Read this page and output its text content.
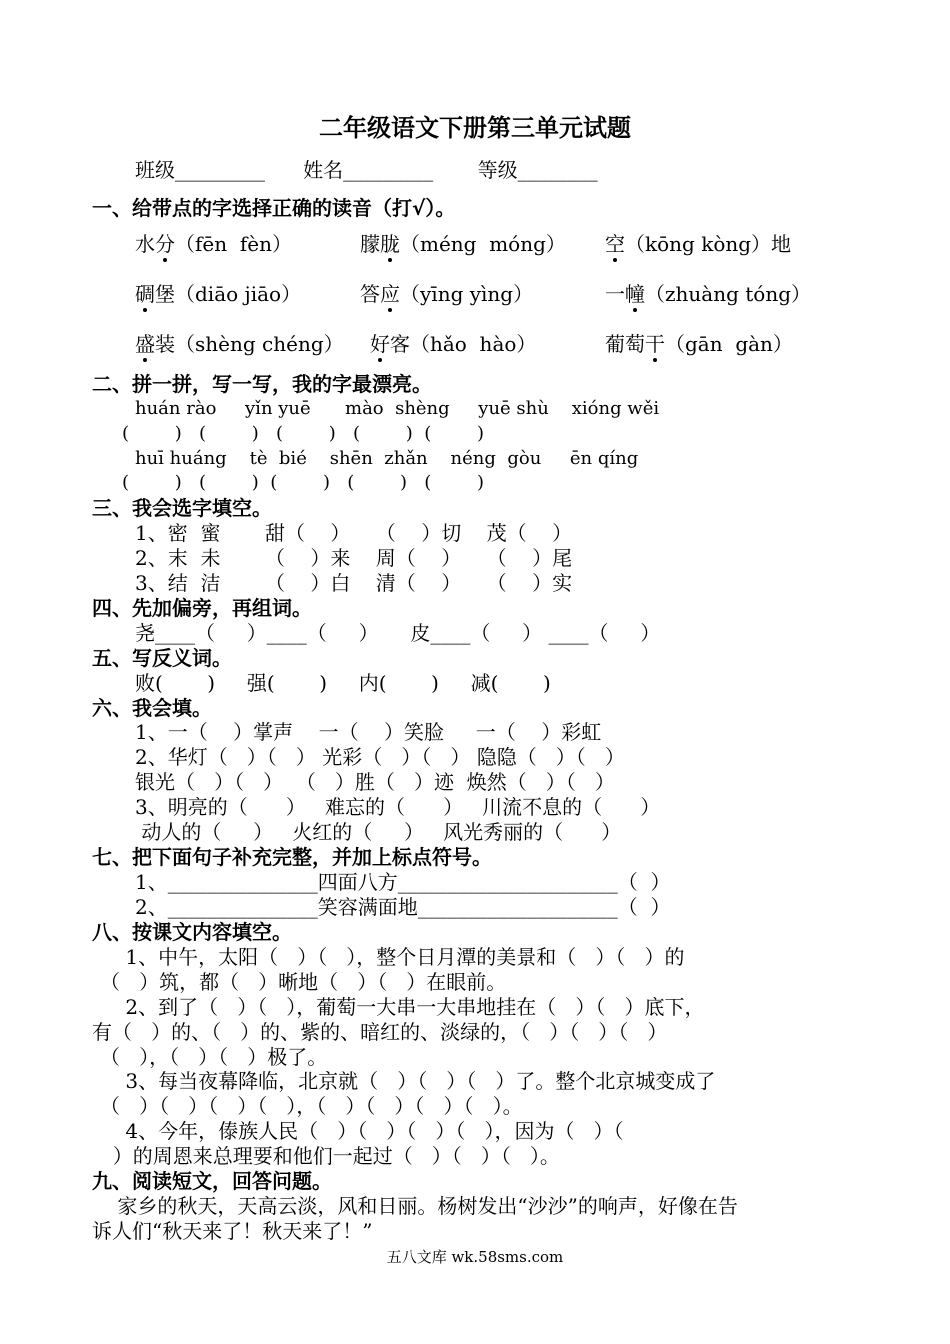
二年级语文下册第三单元试题
班级_________      姓名_________       等级________
一、给带点的字选择正确的读音（打√）。
水分（fēn  fèn）	朦胧（méng  móng） 空（kōng kòng）地
碉堡（diāo jiāo）	答应（yīng yìng）	一幢（zhuàng tóng）
盛装（shèng chéng） 好客（hǎo  hào）	葡萄干（gān  gàn）
二、拼一拼，写一写，我的字最漂亮。
huán rào     yǐn yuē      mào  shèng     yuē shù    xióng wěi
(        )   (        )   (        )   (        )  (        )
huī huáng    tè  bié    shēn  zhǎn    néng  gòu     ēn qíng
(        )   (        )  (        )   (        )   (        )
三、我会选字填空。
1、密  蜜       甜（    ）    （    ）切    茂（    ）
2、末  未       （    ）来    周（    ）    （    ）尾
3、结  洁       （    ）白    清（    ）    （    ）实
四、先加偏旁，再组词。
尧____（     ）____（     ）     皮____（     ） ____（     ）
五、写反义词。
败(       )     强(       )     内(       )     减(       )
六、我会填。
1、一（    ）掌声    一（    ）笑脸     一（    ）彩虹
2、华灯（   ）（   ） 光彩（   ）（   ） 隐隐（   ）（   ）
银光（   ）（   ）  （   ）胜（   ）迹  焕然（   ）（   ）
3、明亮的（      ）   难忘的（      ）   川流不息的（      ）
动人的（     ）   火红的（     ）   风光秀丽的（      ）
七、把下面句子补充完整，并加上标点符号。
1、_______________四面八方______________________（  ）
2、_______________笑容满面地____________________（  ）
八、按课文内容填空。
1、中午，太阳（   ）（   ），整个日月潭的美景和（   ）（   ）的
（   ）筑，都（   ）晰地（   ）（   ）在眼前。
2、到了（   ）（   ），葡萄一大串一大串地挂在（   ）（   ）底下，
有（   ）的、（   ）的、紫的、暗红的、淡绿的，（   ）（   ）（   ）
（   ），（   ）（   ）极了。
3、每当夜幕降临，北京就（   ）（   ）（   ）了。整个北京城变成了
（   ）（   ）（   ）（   ），（   ）（   ）（   ）（   ）。
4、今年，傣族人民（   ）（   ）（   ）（   ），因为（   ）（
）的周恩来总理要和他们一起过（   ）（   ）（   ）。
九、阅读短文，回答问题。
家乡的秋天，天高云淡，风和日丽。杨树发出“沙沙”的响声，好像在告
诉人们“秋天来了！秋天来了！”
五八文库 wk.58sms.com
